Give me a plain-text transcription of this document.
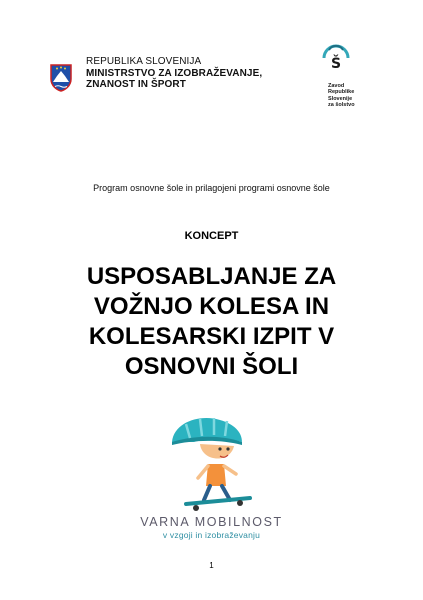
REPUBLIKA SLOVENIJA
MINISTRSTVO ZA IZOBRAŽEVANJE,
ZNANOST IN ŠPORT
Š
Zavod
Republike
Slovenije
za šolstvo
Program osnovne šole in prilagojeni programi osnovne šole
KONCEPT
USPOSABLJANJE ZA
VOŽNJO KOLESA IN
KOLESARSKI IZPIT V
OSNOVNI ŠOLI
VARNA MOBILNOST
v vzgoji in izobraževanju
1
